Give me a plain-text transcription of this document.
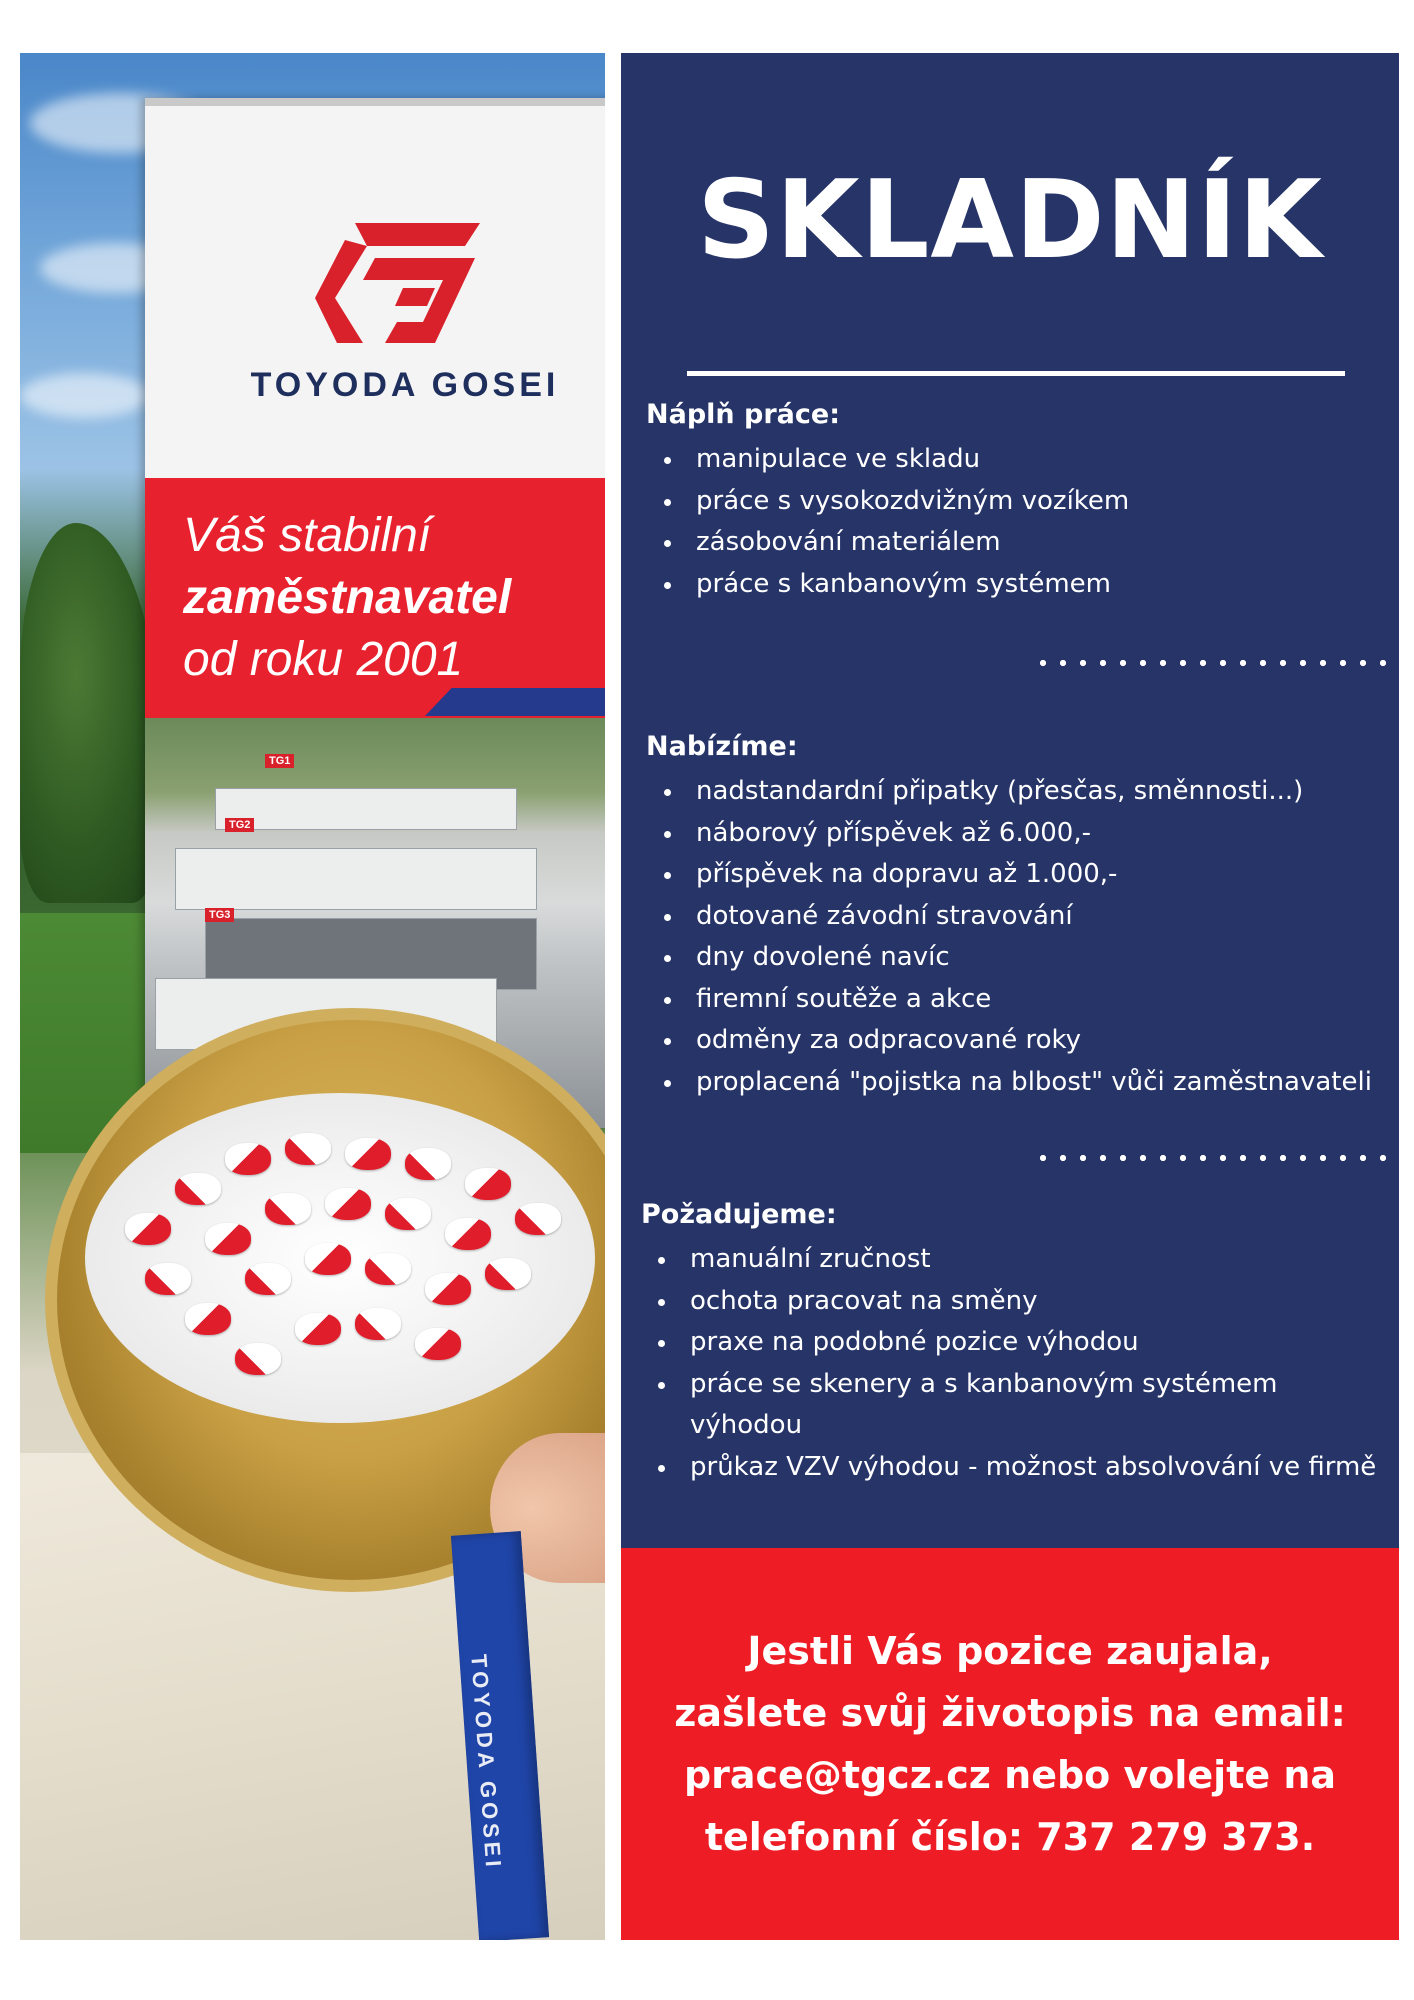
TOYODA GOSEI
Váš stabilní
zaměstnavatel
od roku 2001
TG1
TG2
TG3
TOYODA GOSEI
SKLADNÍK
Náplň práce:
manipulace ve skladu
práce s vysokozdvižným vozíkem
zásobování materiálem
práce s kanbanovým systémem
Nabízíme:
nadstandardní připatky (přesčas, směnnosti...)
náborový příspěvek až 6.000,-
příspěvek na dopravu až 1.000,-
dotované závodní stravování
dny dovolené navíc
firemní soutěže a akce
odměny za odpracované roky
proplacená "pojistka na blbost" vůči zaměstnavateli
Požadujeme:
manuální zručnost
ochota pracovat na směny
praxe na podobné pozice výhodou
práce se skenery a s kanbanovým systémem výhodou
průkaz VZV výhodou - možnost absolvování ve firmě
Jestli Vás pozice zaujala,
zašlete svůj životopis na email:
prace@tgcz.cz nebo volejte na
telefonní číslo: 737 279 373.
